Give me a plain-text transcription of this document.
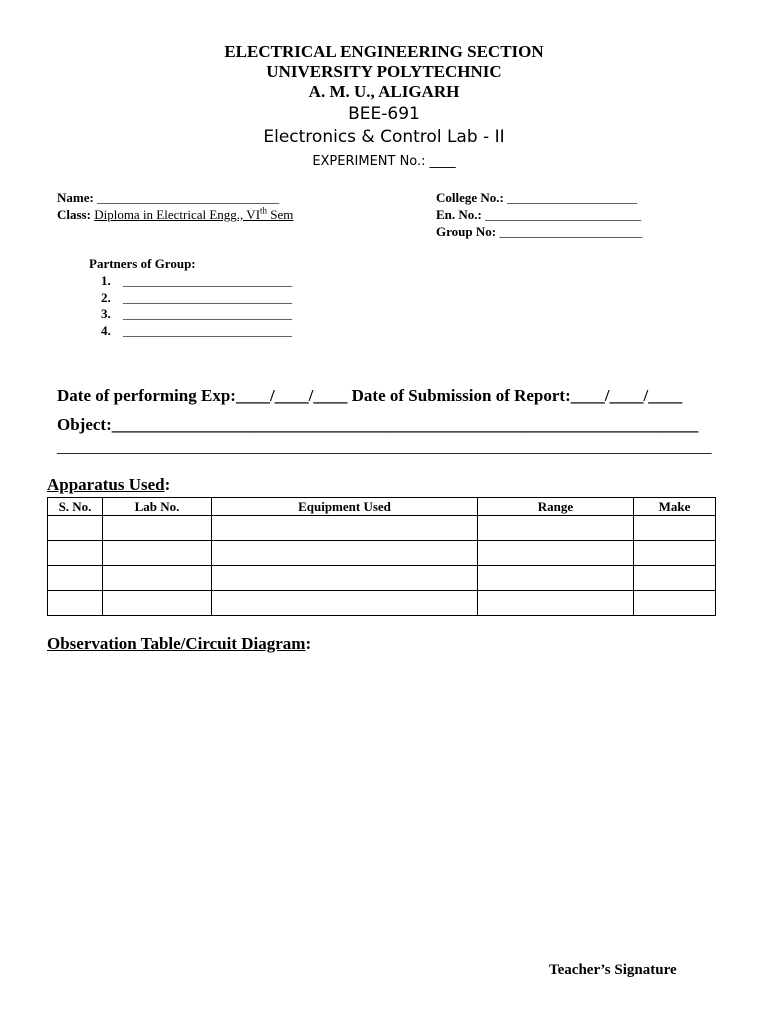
ELECTRICAL ENGINEERING SECTION
UNIVERSITY POLYTECHNIC
A. M. U., ALIGARH
BEE-691
Electronics & Control Lab - II
EXPERIMENT No.: ____
Name: ____________________________
Class: Diploma in Electrical Engg., VIth Sem
College No.: ____________________
En. No.: ________________________
Group No: ______________________
Partners of Group:
1. __________________________
2. __________________________
3. __________________________
4. __________________________
Date of performing Exp:____/____/____ Date of Submission of Report:____/____/____
Object:_____________________________________________________________________
_____________________________________________________________________________
Apparatus Used:
S. No.	Lab No.	Equipment Used	Range	Make

Observation Table/Circuit Diagram:
Teacher’s Signature
